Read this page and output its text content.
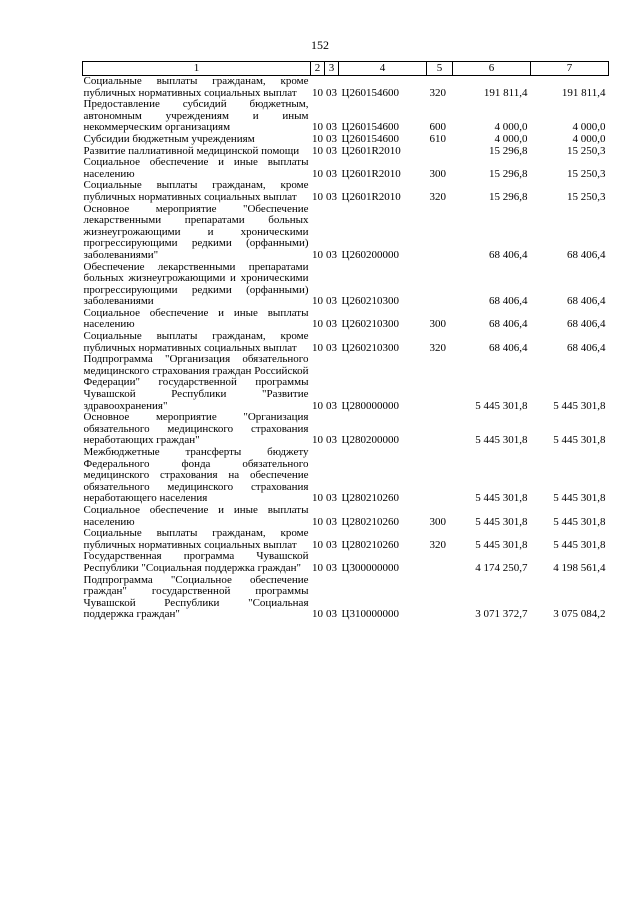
152
1	2	3	4	5	6	7
Социальные выплаты гражданам, кроме публичных нормативных социальных выплат	10	03	Ц260154600	320	191 811,4	191 811,4
Предоставление субсидий бюджетным, автономным учреждениям и иным некоммерческим организациям	10	03	Ц260154600	600	4 000,0	4 000,0
Субсидии бюджетным учреждениям	10	03	Ц260154600	610	4 000,0	4 000,0
Развитие паллиативной медицинской помощи	10	03	Ц2601R2010		15 296,8	15 250,3
Социальное обеспечение и иные выплаты населению	10	03	Ц2601R2010	300	15 296,8	15 250,3
Социальные выплаты гражданам, кроме публичных нормативных социальных выплат	10	03	Ц2601R2010	320	15 296,8	15 250,3
Основное мероприятие "Обеспечение лекарственными препаратами больных жизнеугрожающими и хроническими прогрессирующими редкими (орфанными) заболеваниями"	10	03	Ц260200000		68 406,4	68 406,4
Обеспечение лекарственными препаратами больных жизнеугрожающими и хроническими прогрессирующими редкими (орфанными) заболеваниями	10	03	Ц260210300		68 406,4	68 406,4
Социальное обеспечение и иные выплаты населению	10	03	Ц260210300	300	68 406,4	68 406,4
Социальные выплаты гражданам, кроме публичных нормативных социальных выплат	10	03	Ц260210300	320	68 406,4	68 406,4
Подпрограмма "Организация обязательного медицинского страхования граждан Российской Федерации" государственной программы Чувашской Республики "Развитие здравоохранения"	10	03	Ц280000000		5 445 301,8	5 445 301,8
Основное мероприятие "Организация обязательного медицинского страхования неработающих граждан"	10	03	Ц280200000		5 445 301,8	5 445 301,8
Межбюджетные трансферты бюджету Федерального фонда обязательного медицинского страхования на обеспечение обязательного медицинского страхования неработающего населения	10	03	Ц280210260		5 445 301,8	5 445 301,8
Социальное обеспечение и иные выплаты населению	10	03	Ц280210260	300	5 445 301,8	5 445 301,8
Социальные выплаты гражданам, кроме публичных нормативных социальных выплат	10	03	Ц280210260	320	5 445 301,8	5 445 301,8
Государственная программа Чувашской Республики "Социальная поддержка граждан"	10	03	Ц300000000		4 174 250,7	4 198 561,4
Подпрограмма "Социальное обеспечение граждан" государственной программы Чувашской Республики "Социальная поддержка граждан"	10	03	Ц310000000		3 071 372,7	3 075 084,2
